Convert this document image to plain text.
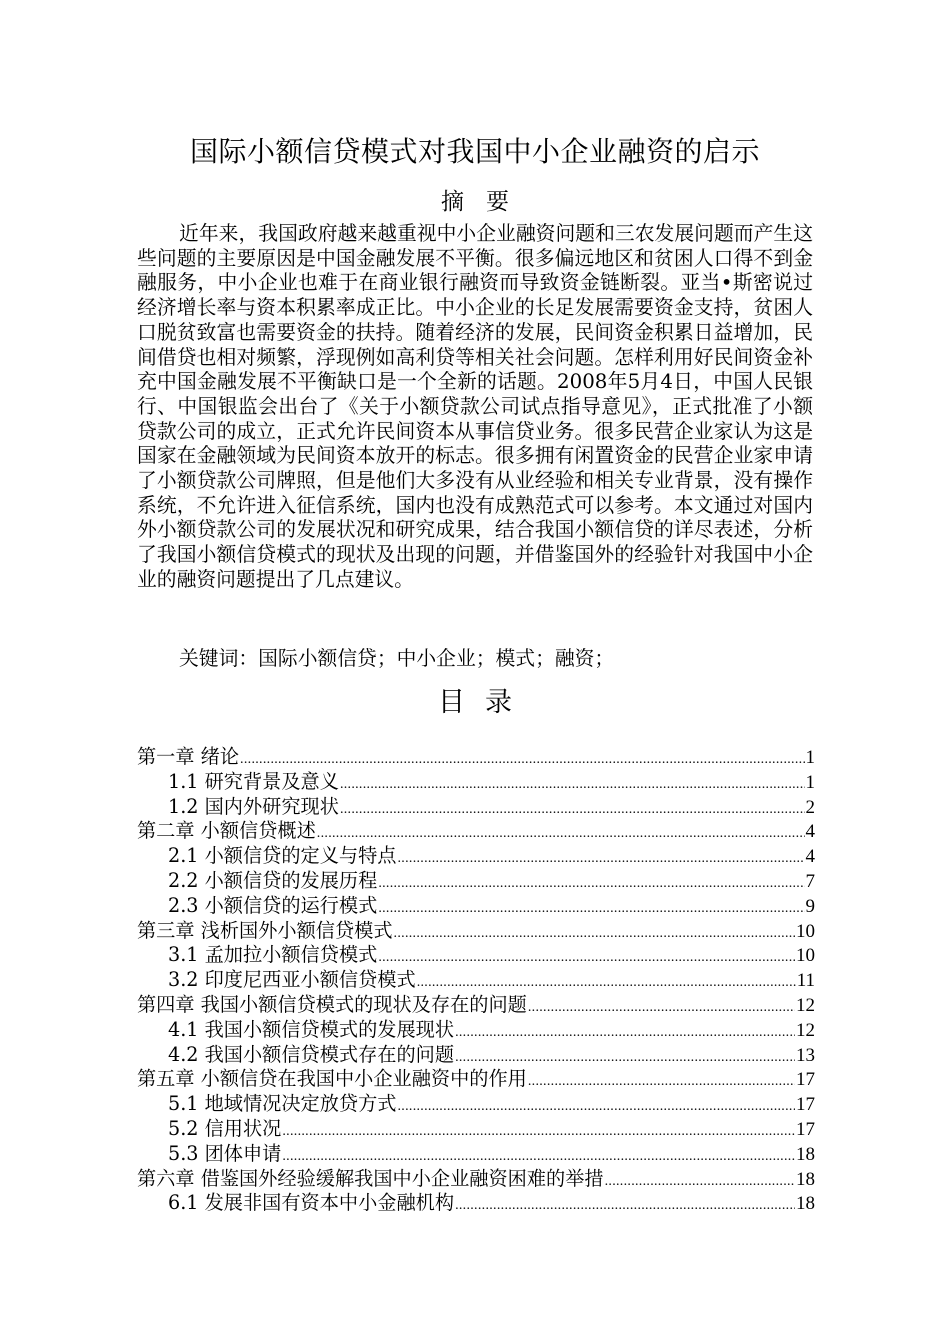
国际小额信贷模式对我国中小企业融资的启示
摘要

近年来，我国政府越来越重视中小企业融资问题和三农发展问题而产生这些问题的主要原因是中国金融发展不平衡。很多偏远地区和贫困人口得不到金融服务，中小企业也难于在商业银行融资而导致资金链断裂。亚当•斯密说过经济增长率与资本积累率成正比。中小企业的长足发展需要资金支持，贫困人口脱贫致富也需要资金的扶持。随着经济的发展，民间资金积累日益增加，民间借贷也相对频繁，浮现例如高利贷等相关社会问题。怎样利用好民间资金补充中国金融发展不平衡缺口是一个全新的话题。2008年5月4日，中国人民银行、中国银监会出台了《关于小额贷款公司试点指导意见》，正式批准了小额贷款公司的成立，正式允许民间资本从事信贷业务。很多民营企业家认为这是国家在金融领域为民间资本放开的标志。很多拥有闲置资金的民营企业家申请了小额贷款公司牌照，但是他们大多没有从业经验和相关专业背景，没有操作系统，不允许进入征信系统，国内也没有成熟范式可以参考。本文通过对国内外小额贷款公司的发展状况和研究成果，结合我国小额信贷的详尽表述，分析了我国小额信贷模式的现状及出现的问题，并借鉴国外的经验针对我国中小企业的融资问题提出了几点建议。

关键词：国际小额信贷；中小企业；模式；融资；
目录
第一章 绪论 .....	1
1.1 研究背景及意义 .....	1
1.2 国内外研究现状 .....	2
第二章 小额信贷概述 .....	4
2.1 小额信贷的定义与特点 .....	4
2.2 小额信贷的发展历程 .....	7
2.3 小额信贷的运行模式 .....	9
第三章 浅析国外小额信贷模式 .....	10
3.1 孟加拉小额信贷模式 .....	10
3.2 印度尼西亚小额信贷模式 .....	11
第四章 我国小额信贷模式的现状及存在的问题 .....	12
4.1 我国小额信贷模式的发展现状 .....	12
4.2 我国小额信贷模式存在的问题 .....	13
第五章 小额信贷在我国中小企业融资中的作用 .....	17
5.1 地域情况决定放贷方式 .....	17
5.2 信用状况 .....	17
5.3 团体申请 .....	18
第六章 借鉴国外经验缓解我国中小企业融资困难的举措 .....	18
6.1 发展非国有资本中小金融机构 .....	18
